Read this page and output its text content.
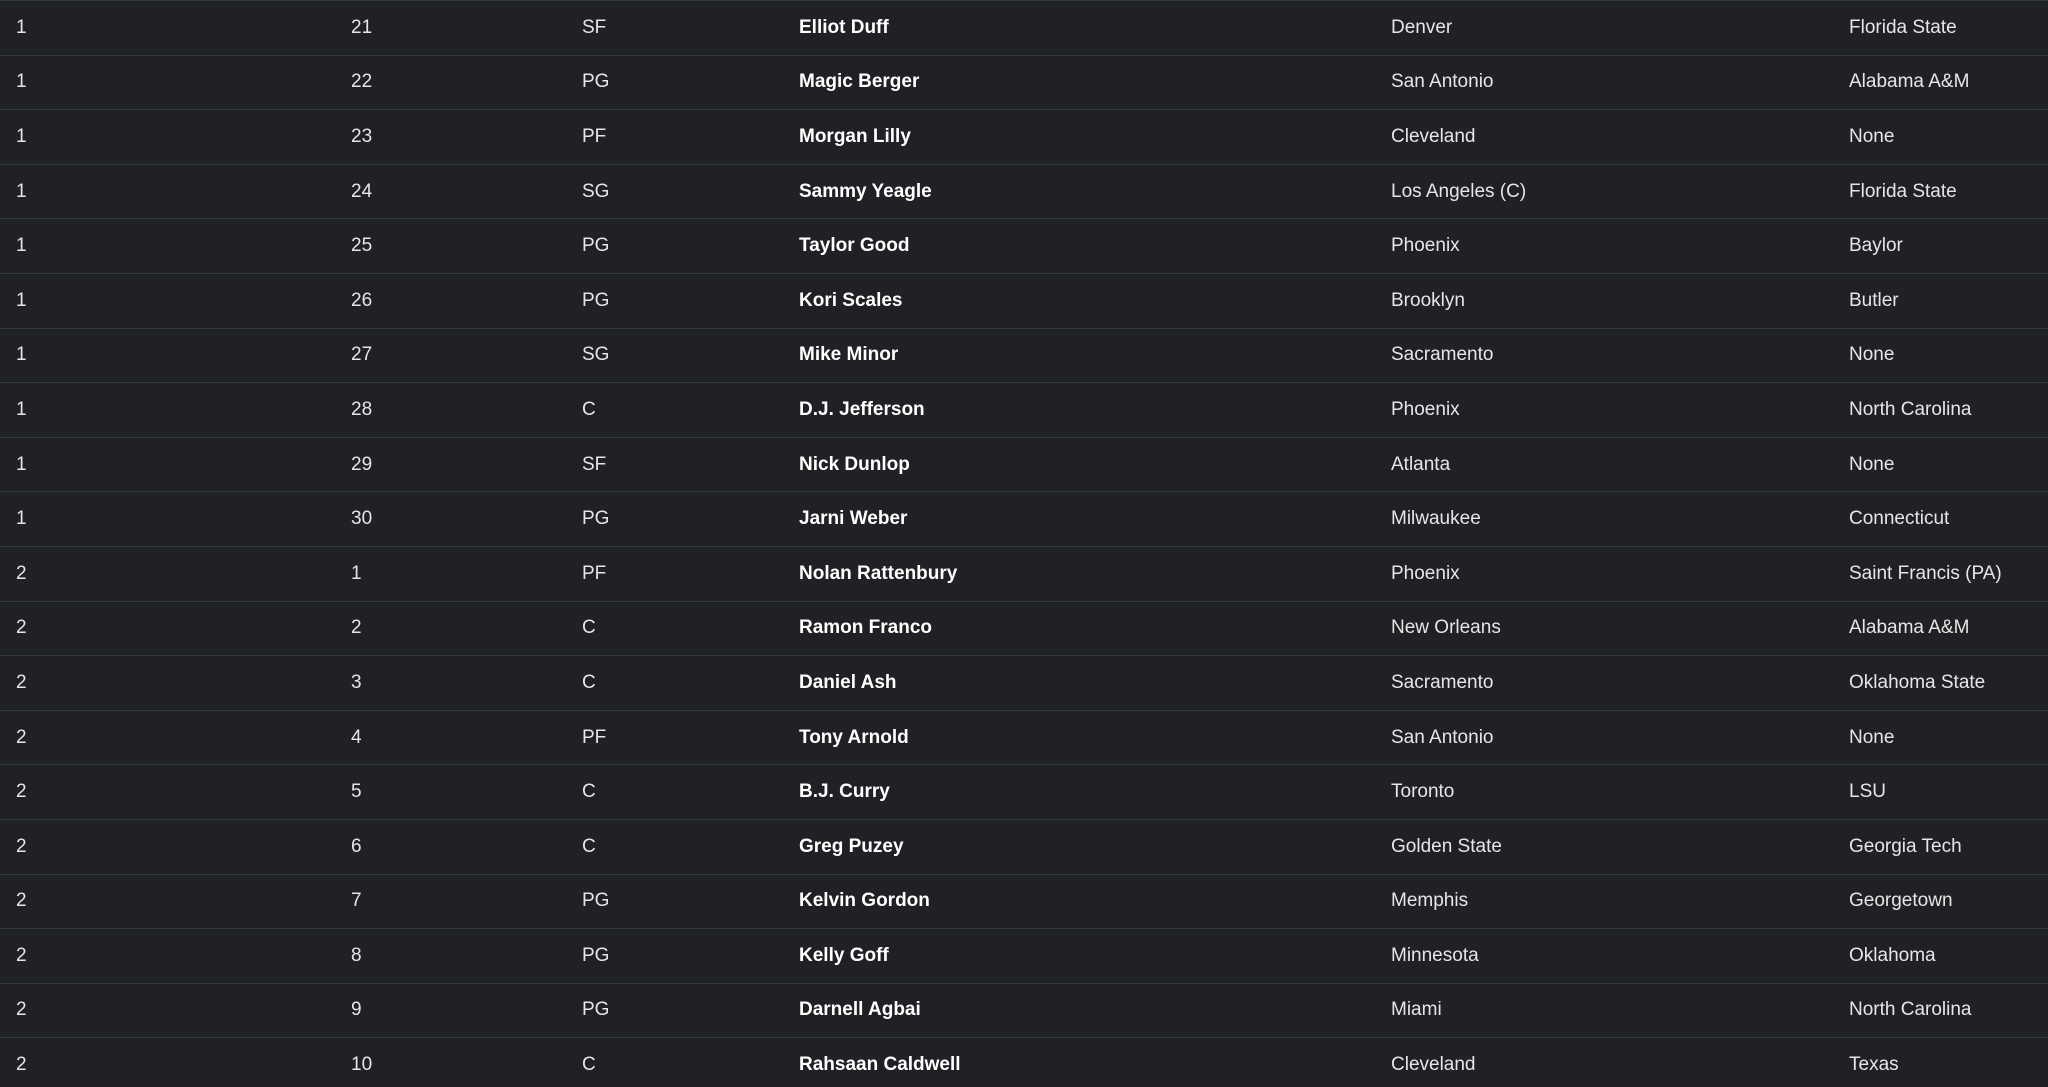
1	21	SF	Elliot Duff	Denver	Florida State
1	22	PG	Magic Berger	San Antonio	Alabama A&M
1	23	PF	Morgan Lilly	Cleveland	None
1	24	SG	Sammy Yeagle	Los Angeles (C)	Florida State
1	25	PG	Taylor Good	Phoenix	Baylor
1	26	PG	Kori Scales	Brooklyn	Butler
1	27	SG	Mike Minor	Sacramento	None
1	28	C	D.J. Jefferson	Phoenix	North Carolina
1	29	SF	Nick Dunlop	Atlanta	None
1	30	PG	Jarni Weber	Milwaukee	Connecticut
2	1	PF	Nolan Rattenbury	Phoenix	Saint Francis (PA)
2	2	C	Ramon Franco	New Orleans	Alabama A&M
2	3	C	Daniel Ash	Sacramento	Oklahoma State
2	4	PF	Tony Arnold	San Antonio	None
2	5	C	B.J. Curry	Toronto	LSU
2	6	C	Greg Puzey	Golden State	Georgia Tech
2	7	PG	Kelvin Gordon	Memphis	Georgetown
2	8	PG	Kelly Goff	Minnesota	Oklahoma
2	9	PG	Darnell Agbai	Miami	North Carolina
2	10	C	Rahsaan Caldwell	Cleveland	Texas
